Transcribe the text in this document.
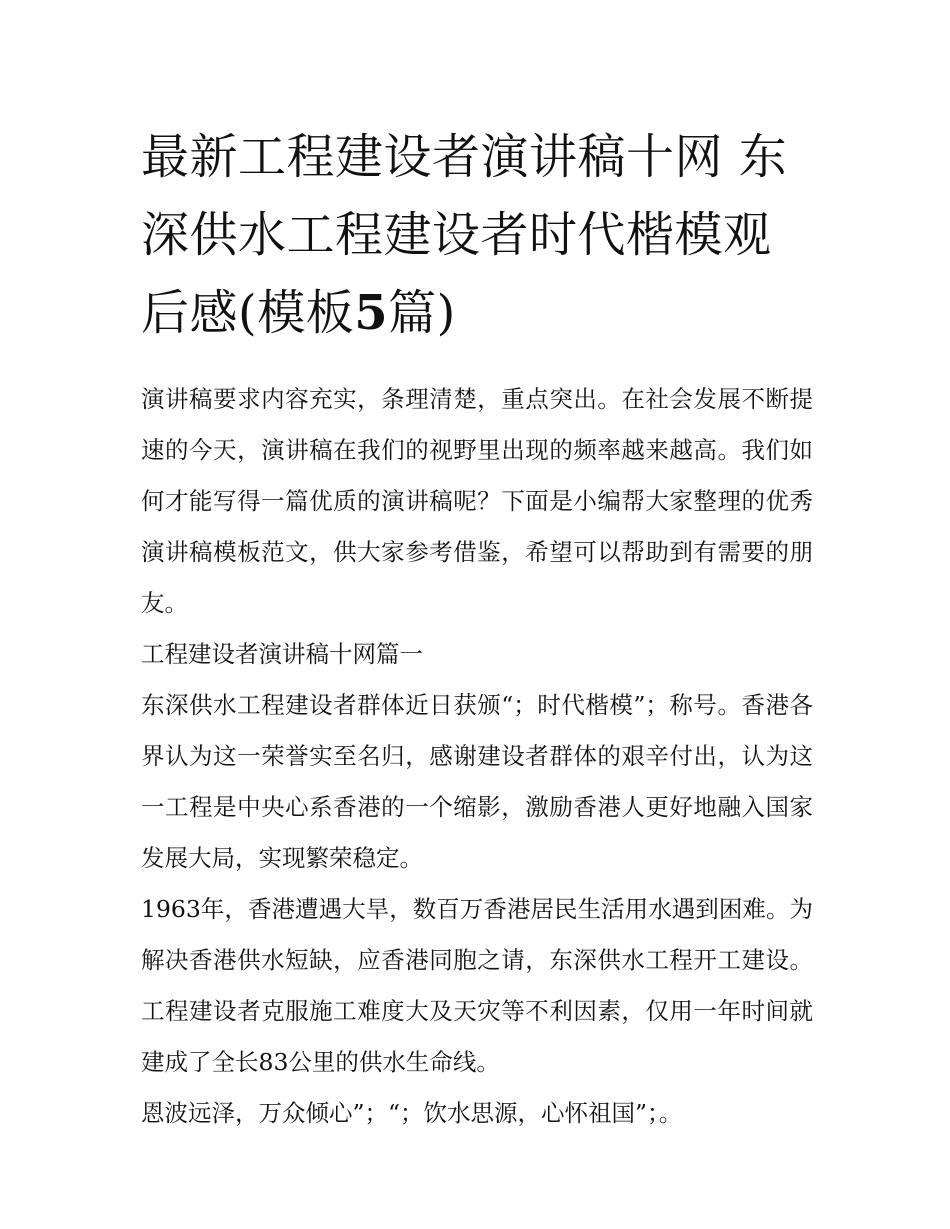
最新工程建设者演讲稿十网 东深供水工程建设者时代楷模观后感(模板5篇)

演讲稿要求内容充实，条理清楚，重点突出。在社会发展不断提速的今天，演讲稿在我们的视野里出现的频率越来越高。我们如何才能写得一篇优质的演讲稿呢？下面是小编帮大家整理的优秀演讲稿模板范文，供大家参考借鉴，希望可以帮助到有需要的朋友。

工程建设者演讲稿十网篇一

东深供水工程建设者群体近日获颁“；时代楷模”；称号。香港各界认为这一荣誉实至名归，感谢建设者群体的艰辛付出，认为这一工程是中央心系香港的一个缩影，激励香港人更好地融入国家发展大局，实现繁荣稳定。

1963年，香港遭遇大旱，数百万香港居民生活用水遇到困难。为解决香港供水短缺，应香港同胞之请，东深供水工程开工建设。工程建设者克服施工难度大及天灾等不利因素，仅用一年时间就建成了全长83公里的供水生命线。

恩波远泽，万众倾心”；“；饮水思源，心怀祖国”；。
